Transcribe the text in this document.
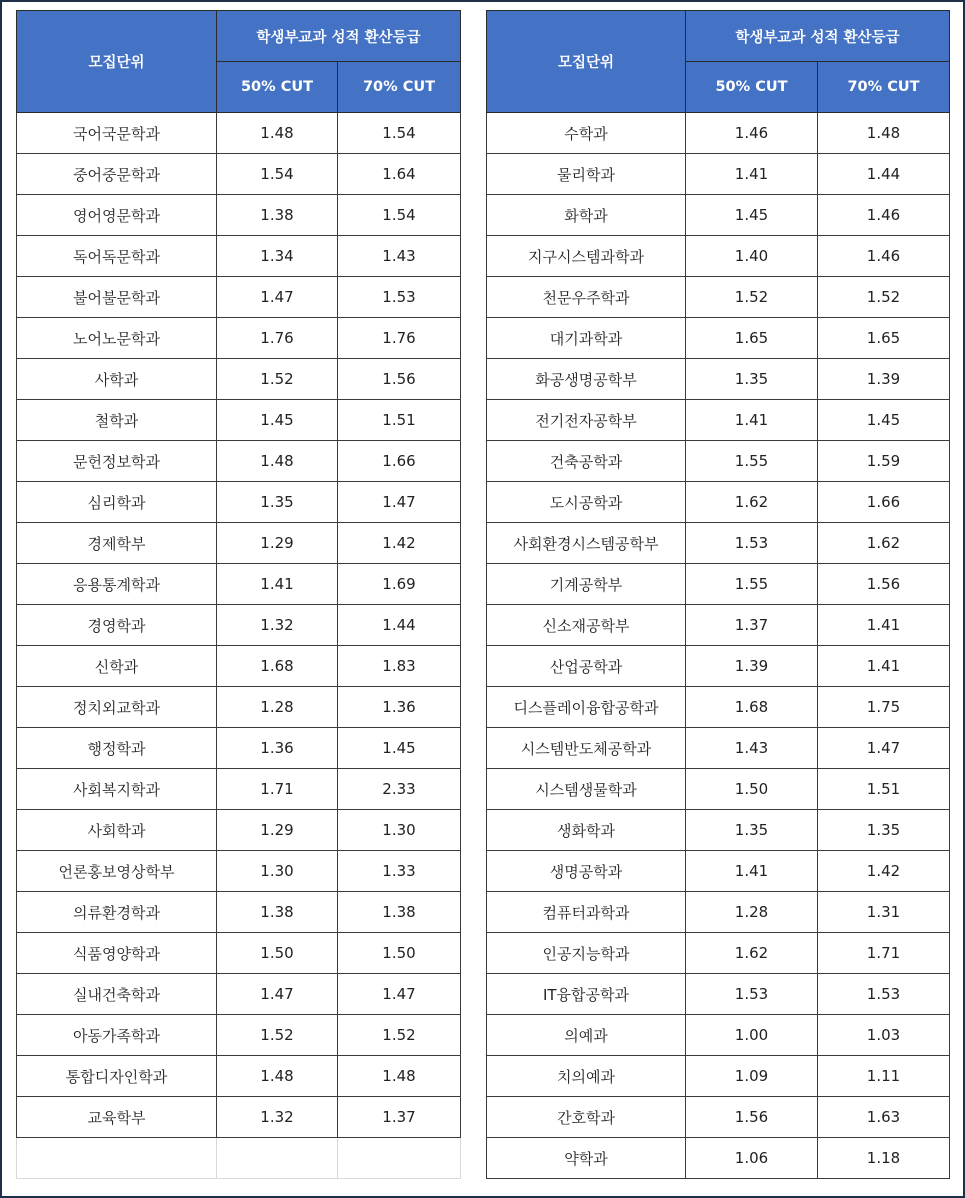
모집단위	학생부교과 성적 환산등급	
	50% CUT	70% CUT
국어국문학과	1.48	1.54
중어중문학과	1.54	1.64
영어영문학과	1.38	1.54
독어독문학과	1.34	1.43
불어불문학과	1.47	1.53
노어노문학과	1.76	1.76
사학과	1.52	1.56
철학과	1.45	1.51
문헌정보학과	1.48	1.66
심리학과	1.35	1.47
경제학부	1.29	1.42
응용통계학과	1.41	1.69
경영학과	1.32	1.44
신학과	1.68	1.83
정치외교학과	1.28	1.36
행정학과	1.36	1.45
사회복지학과	1.71	2.33
사회학과	1.29	1.30
언론홍보영상학부	1.30	1.33
의류환경학과	1.38	1.38
식품영양학과	1.50	1.50
실내건축학과	1.47	1.47
아동가족학과	1.52	1.52
통합디자인학과	1.48	1.48
교육학부	1.32	1.37

모집단위	학생부교과 성적 환산등급	
	50% CUT	70% CUT
수학과	1.46	1.48
물리학과	1.41	1.44
화학과	1.45	1.46
지구시스템과학과	1.40	1.46
천문우주학과	1.52	1.52
대기과학과	1.65	1.65
화공생명공학부	1.35	1.39
전기전자공학부	1.41	1.45
건축공학과	1.55	1.59
도시공학과	1.62	1.66
사회환경시스템공학부	1.53	1.62
기계공학부	1.55	1.56
신소재공학부	1.37	1.41
산업공학과	1.39	1.41
디스플레이융합공학과	1.68	1.75
시스템반도체공학과	1.43	1.47
시스템생물학과	1.50	1.51
생화학과	1.35	1.35
생명공학과	1.41	1.42
컴퓨터과학과	1.28	1.31
인공지능학과	1.62	1.71
IT융합공학과	1.53	1.53
의예과	1.00	1.03
치의예과	1.09	1.11
간호학과	1.56	1.63
약학과	1.06	1.18
